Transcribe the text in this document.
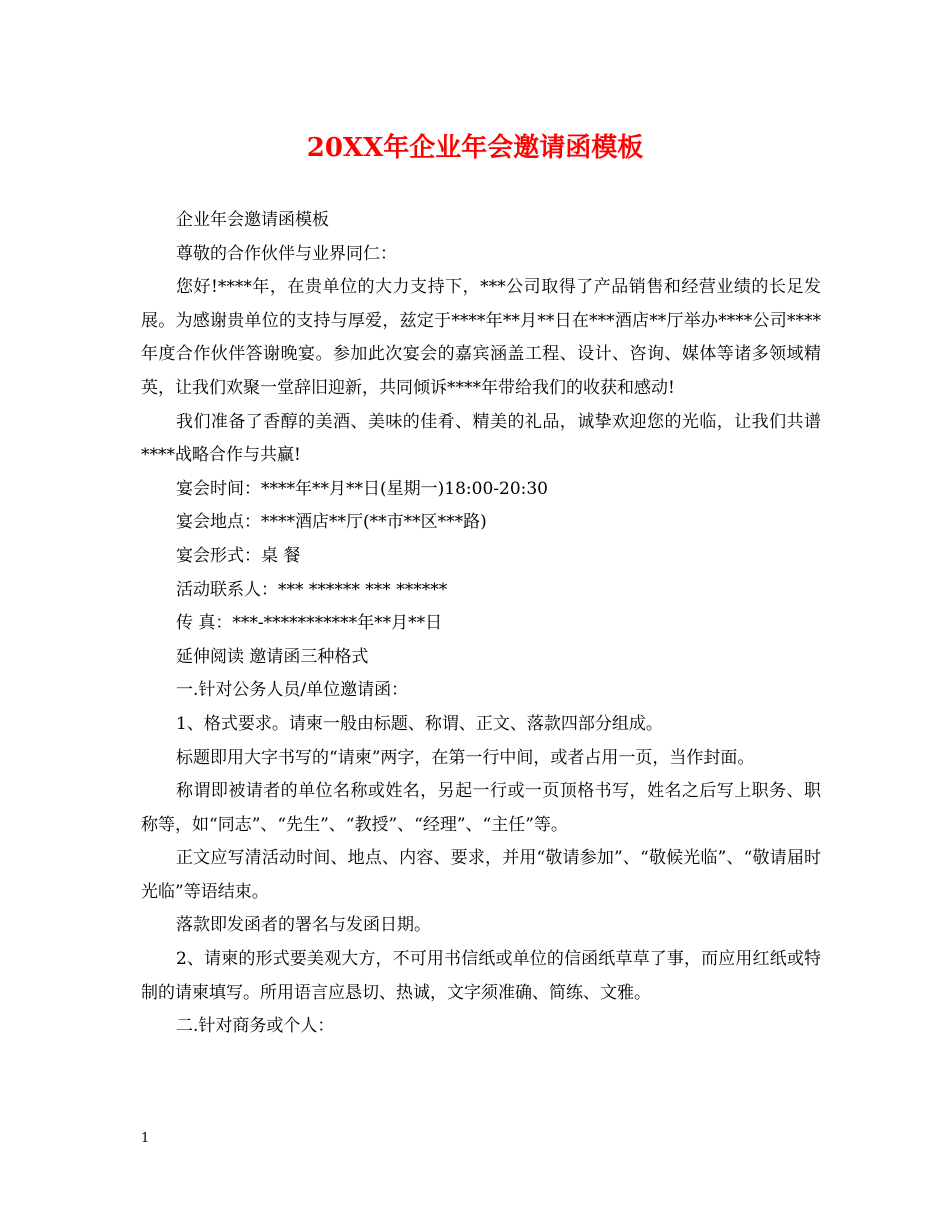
20XX年企业年会邀请函模板

企业年会邀请函模板

尊敬的合作伙伴与业界同仁：

您好!****年，在贵单位的大力支持下，***公司取得了产品销售和经营业绩的长足发展。为感谢贵单位的支持与厚爱，兹定于****年**月**日在***酒店**厅举办****公司****年度合作伙伴答谢晚宴。参加此次宴会的嘉宾涵盖工程、设计、咨询、媒体等诸多领域精英，让我们欢聚一堂辞旧迎新，共同倾诉****年带给我们的收获和感动!

我们准备了香醇的美酒、美味的佳肴、精美的礼品，诚挚欢迎您的光临，让我们共谱****战略合作与共赢!

宴会时间：****年**月**日(星期一)18:00-20:30

宴会地点：****酒店**厅(**市**区***路)

宴会形式：桌 餐

活动联系人：*** ****** *** ******

传 真：***-***********年**月**日

延伸阅读 邀请函三种格式

一.针对公务人员/单位邀请函：

1、格式要求。请柬一般由标题、称谓、正文、落款四部分组成。

标题即用大字书写的“请柬”两字，在第一行中间，或者占用一页，当作封面。

称谓即被请者的单位名称或姓名，另起一行或一页顶格书写，姓名之后写上职务、职称等，如“同志”、“先生”、“教授”、“经理”、“主任”等。

正文应写清活动时间、地点、内容、要求，并用“敬请参加”、“敬候光临”、“敬请届时光临”等语结束。

落款即发函者的署名与发函日期。

2、请柬的形式要美观大方，不可用书信纸或单位的信函纸草草了事，而应用红纸或特制的请柬填写。所用语言应恳切、热诚，文字须准确、简练、文雅。

二.针对商务或个人：

1
